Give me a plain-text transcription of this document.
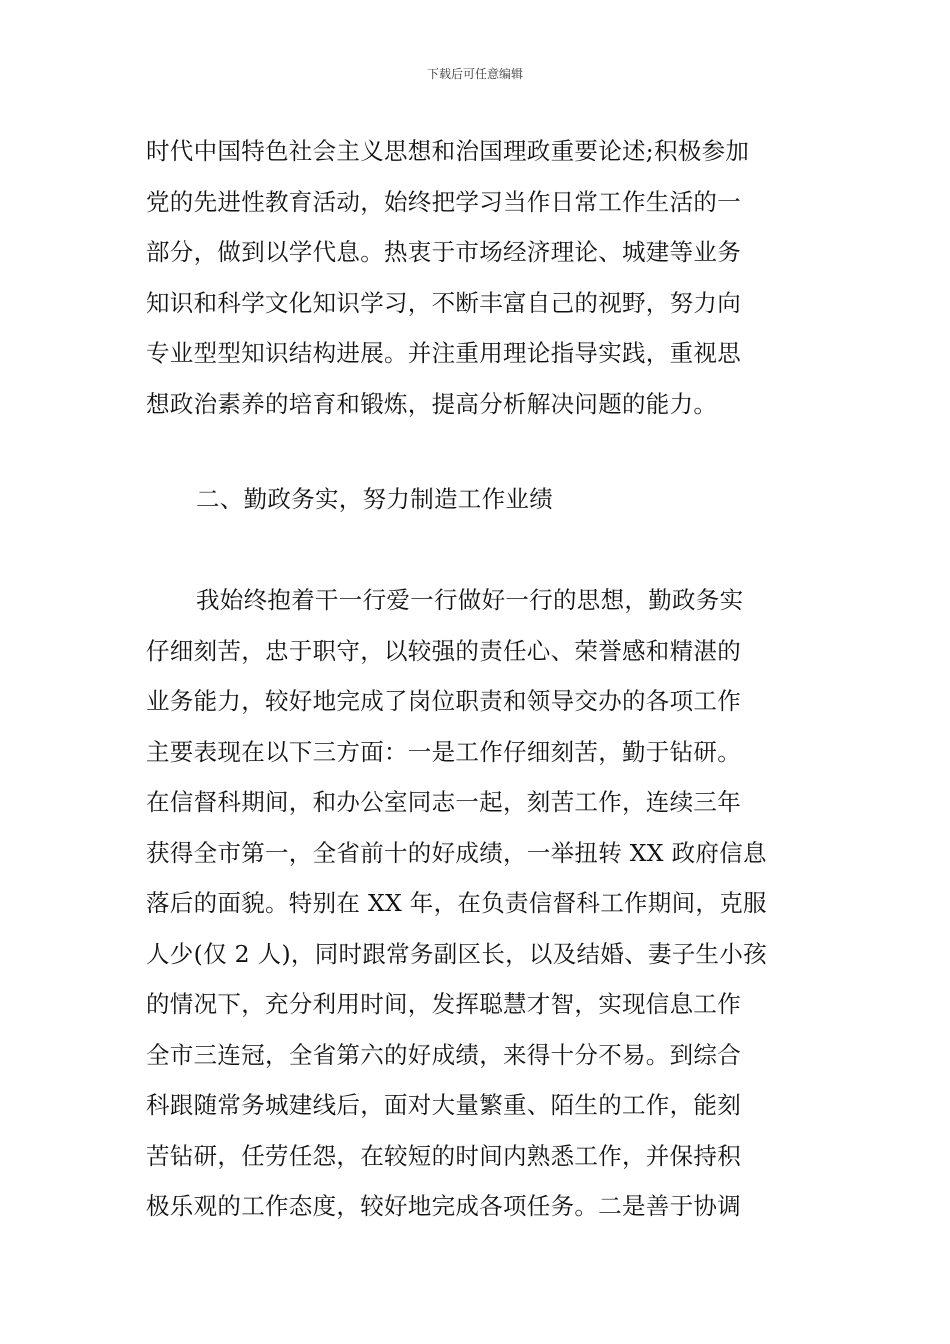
下载后可任意编辑
时代中国特色社会主义思想和治国理政重要论述;积极参加
党的先进性教育活动，始终把学习当作日常工作生活的一
部分，做到以学代息。热衷于市场经济理论、城建等业务
知识和科学文化知识学习，不断丰富自己的视野，努力向
专业型型知识结构进展。并注重用理论指导实践，重视思
想政治素养的培育和锻炼，提高分析解决问题的能力。
二、勤政务实，努力制造工作业绩
我始终抱着干一行爱一行做好一行的思想，勤政务实
仔细刻苦，忠于职守，以较强的责任心、荣誉感和精湛的
业务能力，较好地完成了岗位职责和领导交办的各项工作
主要表现在以下三方面：一是工作仔细刻苦，勤于钻研。
在信督科期间，和办公室同志一起，刻苦工作，连续三年
获得全市第一，全省前十的好成绩，一举扭转 XX 政府信息
落后的面貌。特别在 XX 年，在负责信督科工作期间，克服
人少(仅 2 人)，同时跟常务副区长，以及结婚、妻子生小孩
的情况下，充分利用时间，发挥聪慧才智，实现信息工作
全市三连冠，全省第六的好成绩，来得十分不易。到综合
科跟随常务城建线后，面对大量繁重、陌生的工作，能刻
苦钻研，任劳任怨，在较短的时间内熟悉工作，并保持积
极乐观的工作态度，较好地完成各项任务。二是善于协调
